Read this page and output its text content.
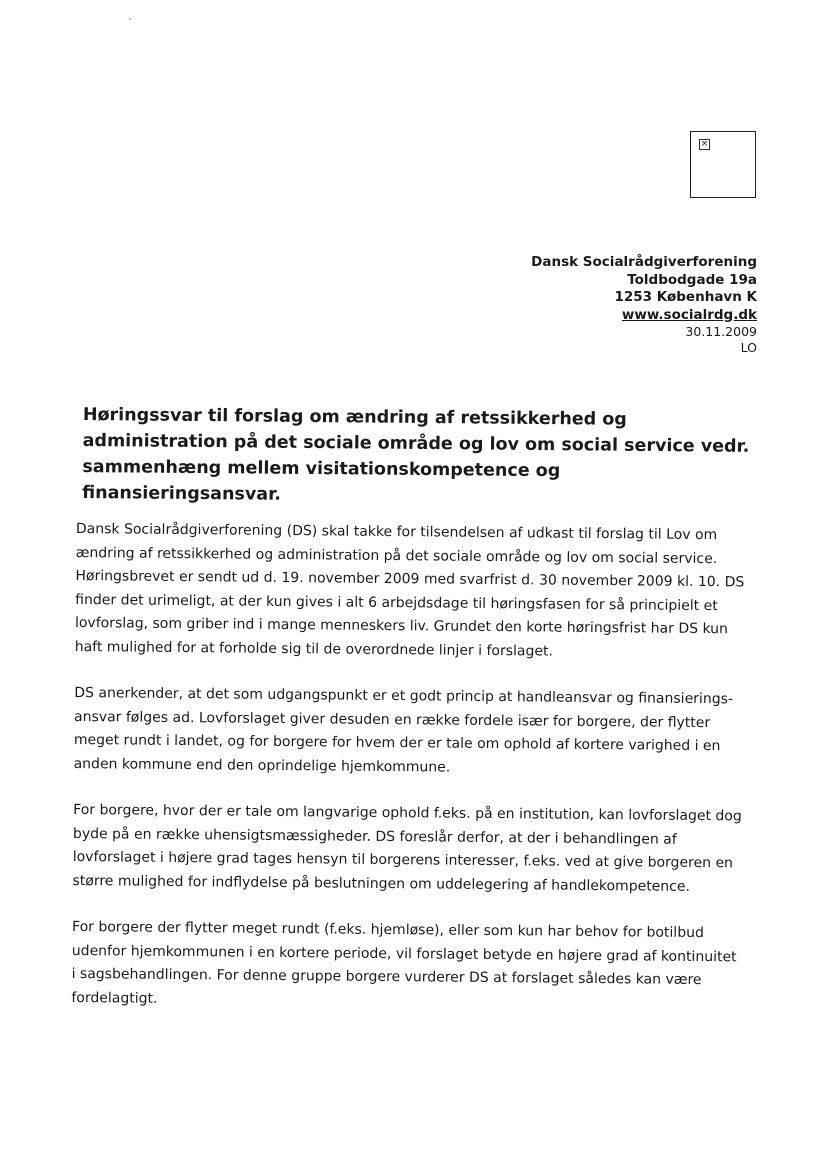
×
Dansk Socialrådgiverforening
Toldbodgade 19a
1253 København K
www.socialrdg.dk
30.11.2009
LO
Høringssvar til forslag om ændring af retssikkerhed og administration på det sociale område og lov om social service vedr. sammenhæng mellem visitationskompetence og finansieringsansvar.

Dansk Socialrådgiverforening (DS) skal takke for tilsendelsen af udkast til forslag til Lov om ændring af retssikkerhed og administration på det sociale område og lov om social service. Høringsbrevet er sendt ud d. 19. november 2009 med svarfrist d. 30 november 2009 kl. 10. DS finder det urimeligt, at der kun gives i alt 6 arbejdsdage til høringsfasen for så principielt et lovforslag, som griber ind i mange menneskers liv. Grundet den korte høringsfrist har DS kun haft mulighed for at forholde sig til de overordnede linjer i forslaget.

DS anerkender, at det som udgangspunkt er et godt princip at handleansvar og finansierings-ansvar følges ad. Lovforslaget giver desuden en række fordele især for borgere, der flytter meget rundt i landet, og for borgere for hvem der er tale om ophold af kortere varighed i en anden kommune end den oprindelige hjemkommune.

For borgere, hvor der er tale om langvarige ophold f.eks. på en institution, kan lovforslaget dog byde på en række uhensigtsmæssigheder. DS foreslår derfor, at der i behandlingen af lovforslaget i højere grad tages hensyn til borgerens interesser, f.eks. ved at give borgeren en større mulighed for indflydelse på beslutningen om uddelegering af handlekompetence.

For borgere der flytter meget rundt (f.eks. hjemløse), eller som kun har behov for botilbud udenfor hjemkommunen i en kortere periode, vil forslaget betyde en højere grad af kontinuitet i sagsbehandlingen. For denne gruppe borgere vurderer DS at forslaget således kan være fordelagtigt.
